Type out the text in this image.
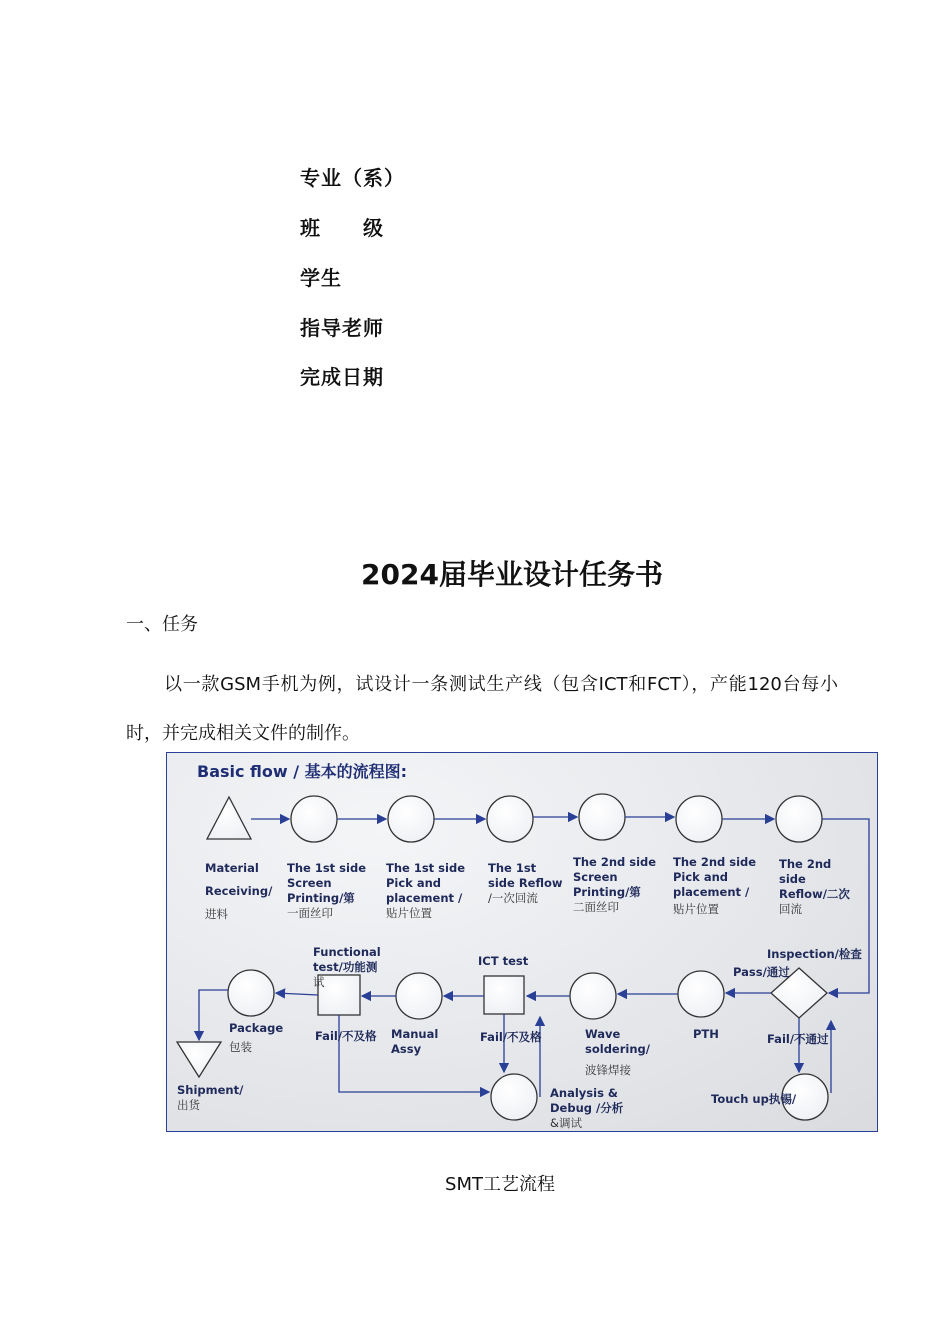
专业（系）
班　　级
学生
指导老师
完成日期
2024届毕业设计任务书
一、任务
以一款GSM手机为例，试设计一条测试生产线（包含ICT和FCT），产能120台每小时，并完成相关文件的制作。
Basic flow / 基本的流程图:
Material
Receiving/
进料
The 1st side
Screen
Printing/第
一面丝印
The 1st side
Pick and
placement /
贴片位置
The 1st
side Reflow
/一次回流
The 2nd side
Screen
Printing/第
二面丝印
The 2nd side
Pick and
placement /
贴片位置
The 2nd
side
Reflow/二次
回流
Inspection/检查
Pass/通过
Fail/不通过
Touch up执锡/
PTH
Wave
soldering/
波锋焊接
ICT test
Fail/不及格
Analysis &
Debug /分析
&调试
Manual
Assy
Functional
test/功能测
试
Fail/不及格
Package
包装
Shipment/
出货
SMT工艺流程
